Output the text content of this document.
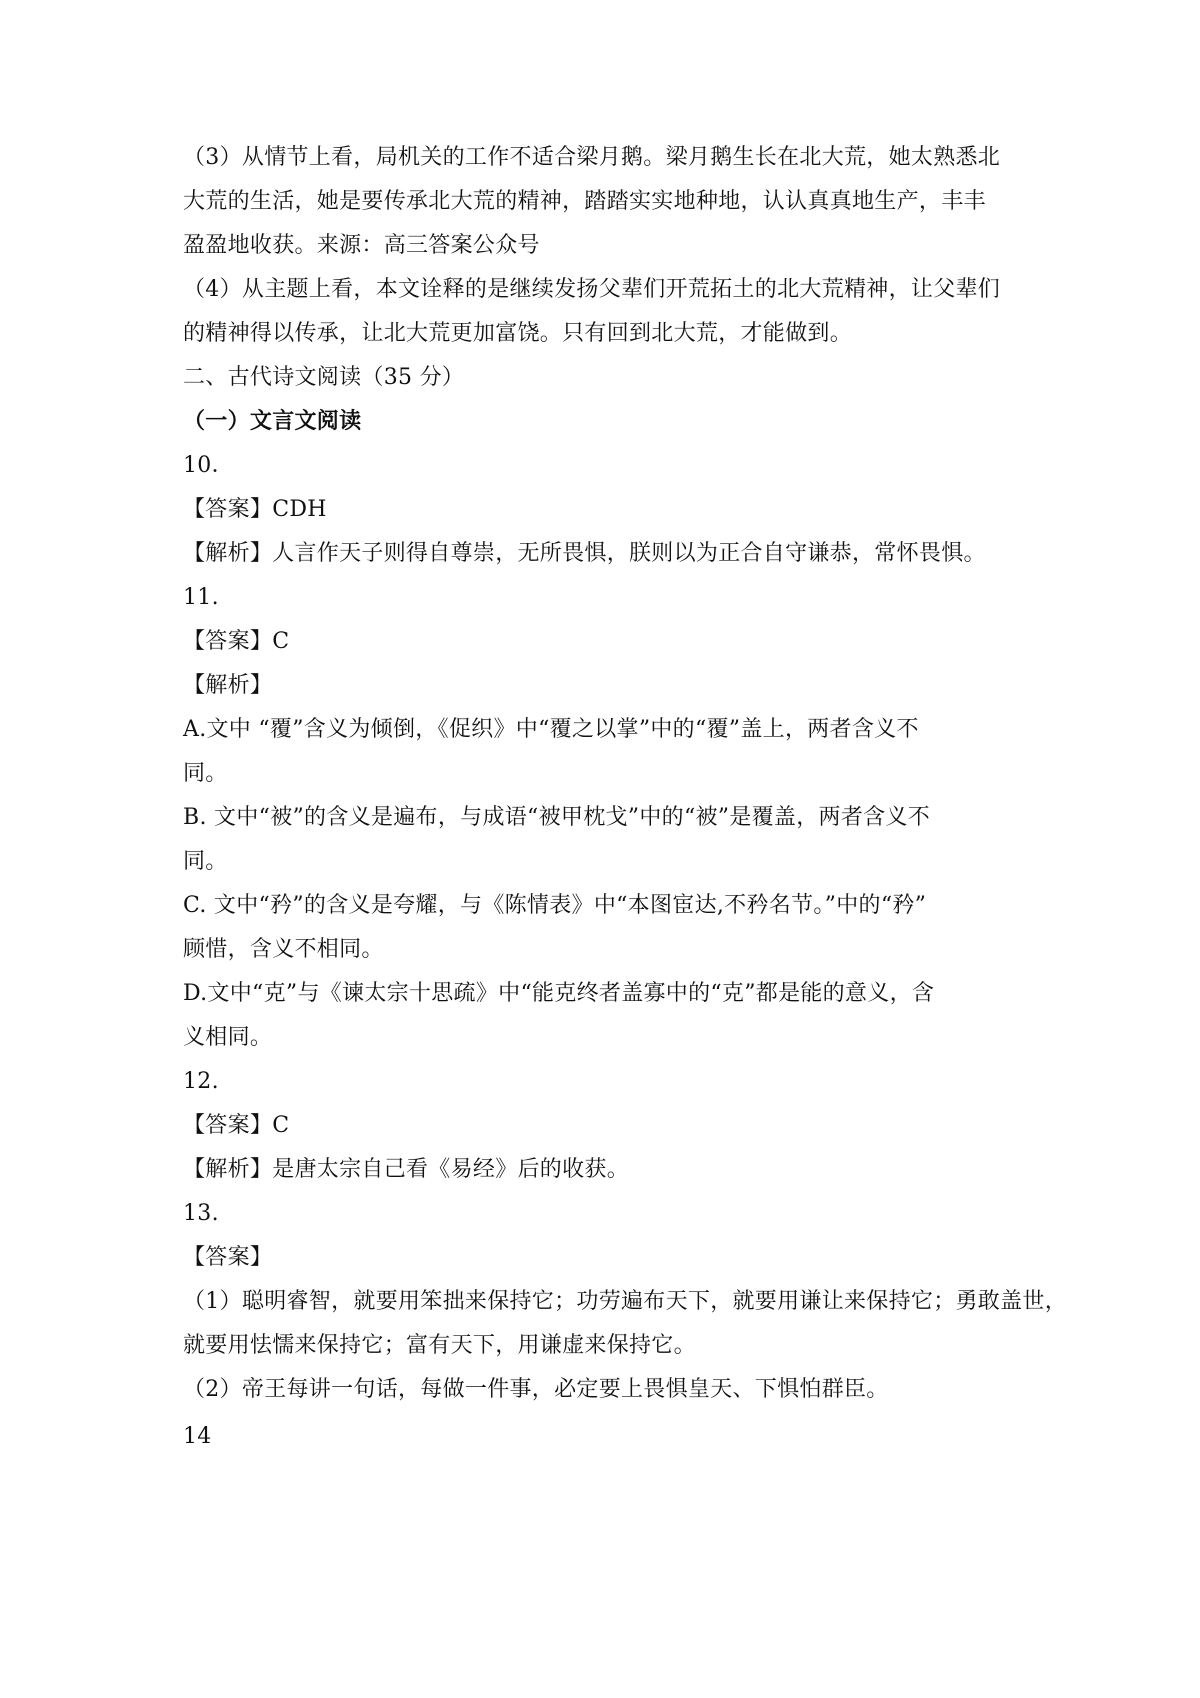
（3）从情节上看，局机关的工作不适合梁月鹅。梁月鹅生长在北大荒，她太熟悉北
大荒的生活，她是要传承北大荒的精神，踏踏实实地种地，认认真真地生产，丰丰
盈盈地收获。来源：高三答案公众号
（4）从主题上看，本文诠释的是继续发扬父辈们开荒拓土的北大荒精神，让父辈们
的精神得以传承，让北大荒更加富饶。只有回到北大荒，才能做到。
二、古代诗文阅读（35 分）
（一）文言文阅读
10．
【答案】CDH
【解析】人言作天子则得自尊崇，无所畏惧，朕则以为正合自守谦恭，常怀畏惧。
11.
【答案】C
【解析】
A.文中 “覆”含义为倾倒，《促织》中“覆之以掌”中的“覆”盖上，两者含义不
同。
B. 文中“被”的含义是遍布，与成语“被甲枕戈”中的“被”是覆盖，两者含义不
同。
C. 文中“矜”的含义是夸耀，与《陈情表》中“本图宦达,不矜名节。”中的“矜”
顾惜，含义不相同。
D.文中“克”与《谏太宗十思疏》中“能克终者盖寡中的“克”都是能的意义，含
义相同。
12.
【答案】C
【解析】是唐太宗自己看《易经》后的收获。
13.
【答案】
（1）聪明睿智，就要用笨拙来保持它；功劳遍布天下，就要用谦让来保持它；勇敢盖世，
就要用怯懦来保持它；富有天下，用谦虚来保持它。
（2）帝王每讲一句话，每做一件事，必定要上畏惧皇天、下惧怕群臣。
14
